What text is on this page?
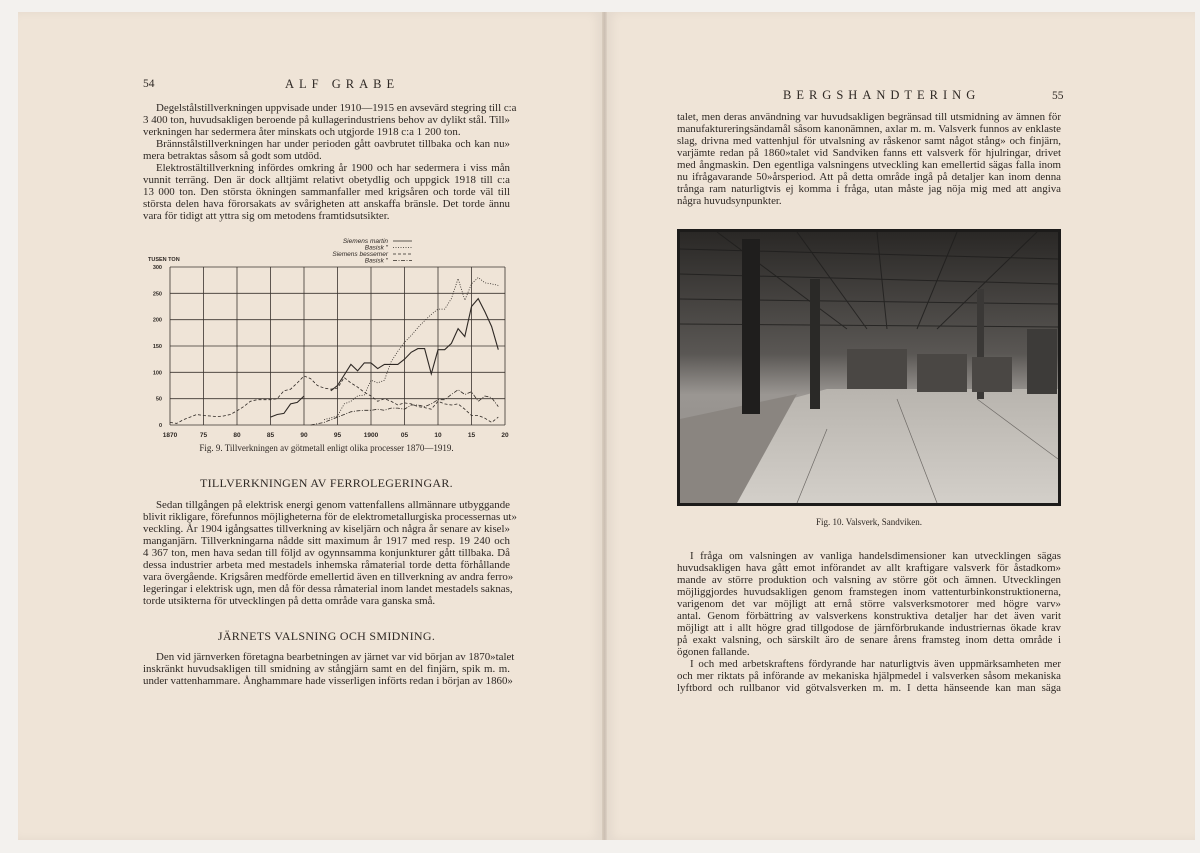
54	ALF GRABE
Degelstålstillverkningen uppvisade under 1910—1915 en avsevärd stegring till c:a
3 400 ton, huvudsakligen beroende på kullagerindustriens behov av dylikt stål. Till»
verkningen har sedermera åter minskats och utgjorde 1918 c:a 1 200 ton.
Brännstålstillverkningen har under perioden gått oavbrutet tillbaka och kan nu»
mera betraktas såsom så godt som utdöd.
Elektrostältillverkning infördes omkring år 1900 och har sedermera i viss mån
vunnit terräng. Den är dock alltjämt relativt obetydlig och uppgick 1918 till c:a
13 000 ton. Den största ökningen sammanfaller med krigsåren och torde väl till
största delen hava förorsakats av svårigheten att anskaffa bränsle. Det torde ännu
vara för tidigt att yttra sig om metodens framtidsutsikter.
Siemens martin
Basisk ″
Siemens bessemer
Basisk ″
TUSEN TON
1870	75	80	85	90	95	1900	05	10	15	20
0
50
100
150
200
250
300
Fig. 9. Tillverkningen av götmetall enligt olika processer 1870—1919.
TILLVERKNINGEN AV FERROLEGERINGAR.
Sedan tillgången på elektrisk energi genom vattenfallens allmännare utbyggande
blivit rikligare, förefunnos möjligheterna för de elektrometallurgiska processernas ut»
veckling. År 1904 igångsattes tillverkning av kiseljärn och några år senare av kisel»
manganjärn. Tillverkningarna nådde sitt maximum år 1917 med resp. 19 240 och
4 367 ton, men hava sedan till följd av ogynnsamma konjunkturer gått tillbaka. Då
dessa industrier arbeta med mestadels inhemska råmaterial torde detta förhållande
vara övergående. Krigsåren medförde emellertid även en tillverkning av andra ferro»
legeringar i elektrisk ugn, men då för dessa råmaterial inom landet mestadels saknas,
torde utsikterna för utvecklingen på detta område vara ganska små.
JÄRNETS VALSNING OCH SMIDNING.
Den vid järnverken företagna bearbetningen av järnet var vid början av 1870»talet
inskränkt huvudsakligen till smidning av stångjärn samt en del finjärn, spik m. m.
under vattenhammare. Ånghammare hade visserligen införts redan i början av 1860»
BERGSHANDTERING	55
talet, men deras användning var huvudsakligen begränsad till utsmidning av ämnen för
manufaktureringsändamål såsom kanonämnen, axlar m. m. Valsverk funnos av enklaste
slag, drivna med vattenhjul för utvalsning av råskenor samt något stång» och finjärn,
varjämte redan på 1860»talet vid Sandviken fanns ett valsverk för hjulringar, drivet
med ångmaskin. Den egentliga valsningens utveckling kan emellertid sägas falla inom
nu ifrågavarande 50»årsperiod. Att på detta område ingå på detaljer kan inom denna
trånga ram naturligtvis ej komma i fråga, utan måste jag nöja mig med att angiva
några huvudsynpunkter.
Fig. 10. Valsverk, Sandviken.
I fråga om valsningen av vanliga handelsdimensioner kan utvecklingen sägas
huvudsakligen hava gått emot införandet av allt kraftigare valsverk för åstadkom»
mande av större produktion och valsning av större göt och ämnen. Utvecklingen
möjliggjordes huvudsakligen genom framstegen inom vattenturbinkonstruktionerna,
varigenom det var möjligt att ernå större valsverksmotorer med högre varv»
antal. Genom förbättring av valsverkens konstruktiva detaljer har det även varit
möjligt att i allt högre grad tillgodose de järnförbrukande industriernas ökade krav
på exakt valsning, och särskilt äro de senare årens framsteg inom detta område i
ögonen fallande.
I och med arbetskraftens fördyrande har naturligtvis även uppmärksamheten mer
och mer riktats på införande av mekaniska hjälpmedel i valsverken såsom mekaniska
lyftbord och rullbanor vid götvalsverken m. m. I detta hänseende kan man säga
